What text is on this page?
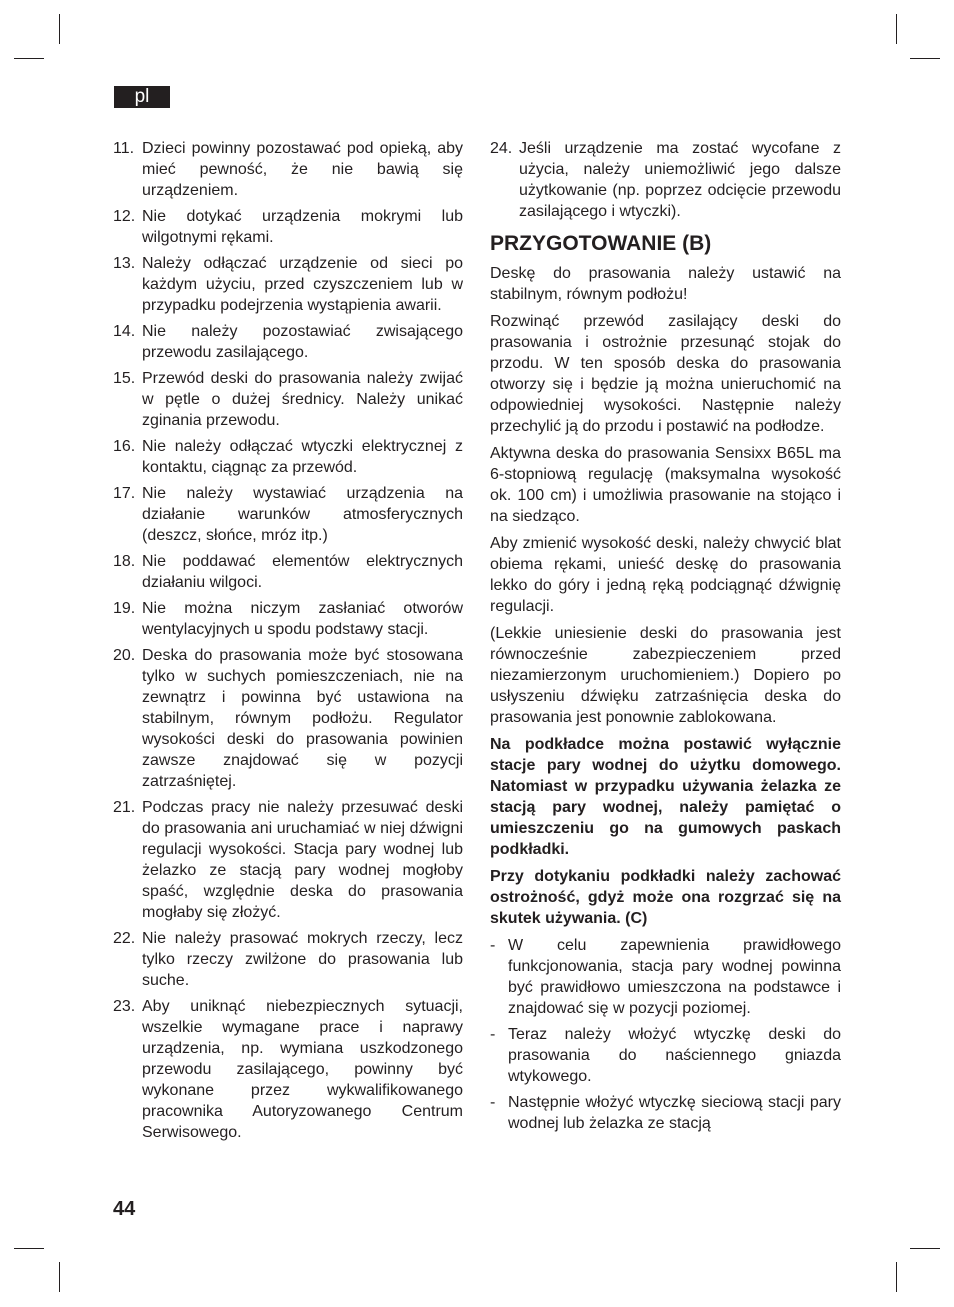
pl
11. Dzieci powinny pozostawać pod opieką, aby mieć pewność, że nie bawią się urządzeniem.
12. Nie dotykać urządzenia mokrymi lub wilgotnymi rękami.
13. Należy odłączać urządzenie od sieci po każdym użyciu, przed czyszczeniem lub w przypadku podejrzenia wystąpienia awarii.
14. Nie należy pozostawiać zwisającego przewodu zasilającego.
15. Przewód deski do prasowania należy zwijać w pętle o dużej średnicy. Należy unikać zginania przewodu.
16. Nie należy odłączać wtyczki elektrycznej z kontaktu, ciągnąc za przewód.
17. Nie należy wystawiać urządzenia na działanie warunków atmosferycznych (deszcz, słońce, mróz itp.)
18. Nie poddawać elementów elektrycznych działaniu wilgoci.
19. Nie można niczym zasłaniać otworów wentylacyjnych u spodu podstawy stacji.
20. Deska do prasowania może być stosowana tylko w suchych pomieszczeniach, nie na zewnątrz i powinna być ustawiona na stabilnym, równym podłożu. Regulator wysokości deski do prasowania powinien zawsze znajdować się w pozycji zatrzaśniętej.
21. Podczas pracy nie należy przesuwać deski do prasowania ani uruchamiać w niej dźwigni regulacji wysokości. Stacja pary wodnej lub żelazko ze stacją pary wodnej mogłoby spaść, względnie deska do prasowania mogłaby się złożyć.
22. Nie należy prasować mokrych rzeczy, lecz tylko rzeczy zwilżone do prasowania lub suche.
23. Aby uniknąć niebezpiecznych sytuacji, wszelkie wymagane prace i naprawy urządzenia, np. wymiana uszkodzonego przewodu zasilającego, powinny być wykonane przez wykwalifikowanego pracownika Autoryzowanego Centrum Serwisowego.
24. Jeśli urządzenie ma zostać wycofane z użycia, należy uniemożliwić jego dalsze użytkowanie (np. poprzez odcięcie przewodu zasilającego i wtyczki).
PRZYGOTOWANIE (B)

Deskę do prasowania należy ustawić na stabilnym, równym podłożu!

Rozwinąć przewód zasilający deski do prasowania i ostrożnie przesunąć stojak do przodu. W ten sposób deska do prasowania otworzy się i będzie ją można unieruchomić na odpowiedniej wysokości. Następnie należy przechylić ją do przodu i postawić na podłodze.

Aktywna deska do prasowania Sensixx B65L ma 6-stopniową regulację (maksymalna wysokość ok. 100 cm) i umożliwia prasowanie na stojąco i na siedząco.

Aby zmienić wysokość deski, należy chwycić blat obiema rękami, unieść deskę do prasowania lekko do góry i jedną ręką podciągnąć dźwignię regulacji.

(Lekkie uniesienie deski do prasowania jest równocześnie zabezpieczeniem przed niezamierzonym uruchomieniem.) Dopiero po usłyszeniu dźwięku zatrzaśnięcia deska do prasowania jest ponownie zablokowana.

Na podkładce można postawić wyłącznie stacje pary wodnej do użytku domowego. Natomiast w przypadku używania żelazka ze stacją pary wodnej, należy pamiętać o umieszczeniu go na gumowych paskach podkładki.

Przy dotykaniu podkładki należy zachować ostrożność, gdyż może ona rozgrzać się na skutek używania. (C)

- W celu zapewnienia prawidłowego funkcjonowania, stacja pary wodnej powinna być prawidłowo umieszczona na podstawce i znajdować się w pozycji poziomej.
- Teraz należy włożyć wtyczkę deski do prasowania do naściennego gniazda wtykowego.
- Następnie włożyć wtyczkę sieciową stacji pary wodnej lub żelazka ze stacją
44
